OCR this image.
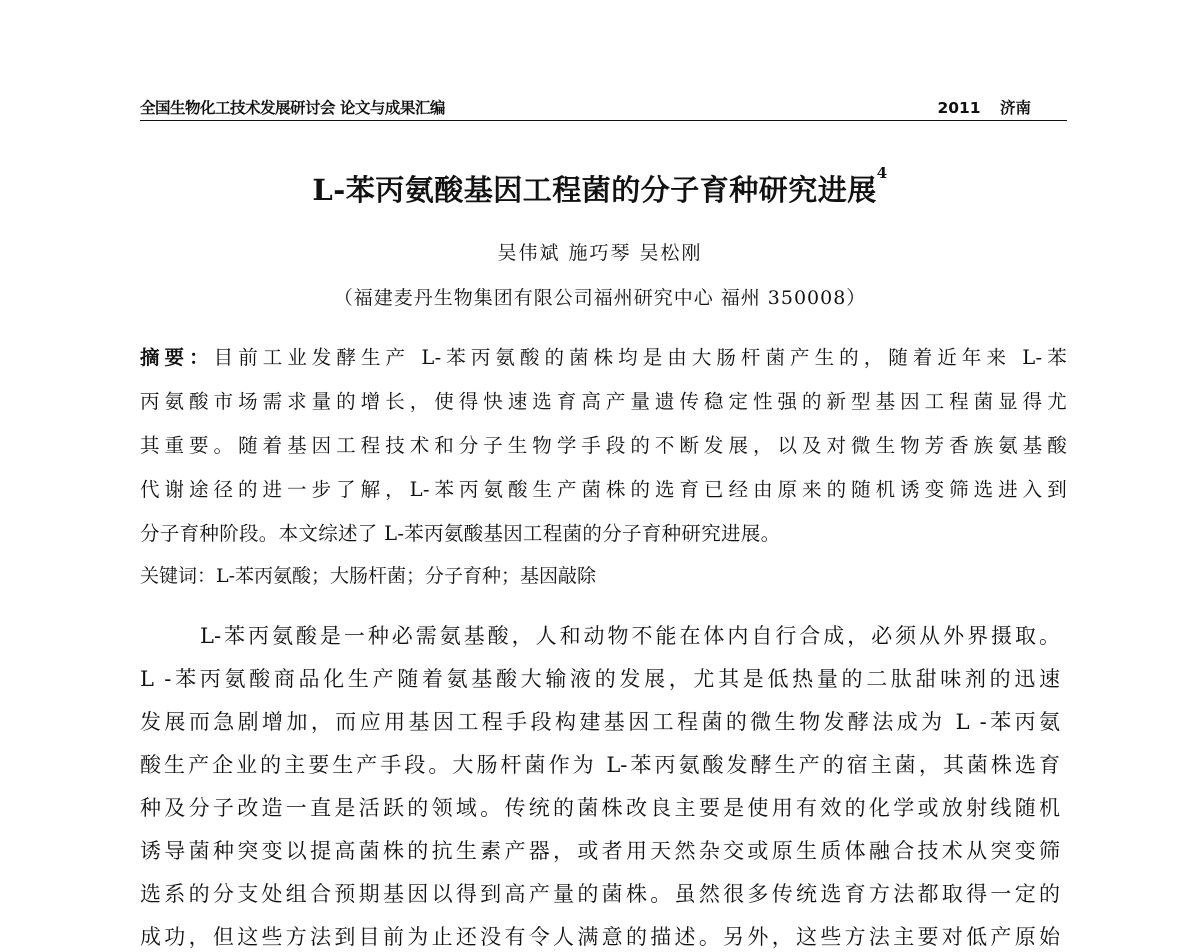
全国生物化工技术发展研讨会 论文与成果汇编	2011 济南
L-苯丙氨酸基因工程菌的分子育种研究进展$^4$
吴伟斌 施巧琴 吴松刚
（福建麦丹生物集团有限公司福州研究中心 福州 350008）
摘要：目前工业发酵生产 L-苯丙氨酸的菌株均是由大肠杆菌产生的，随着近年来 L-苯
丙氨酸市场需求量的增长，使得快速选育高产量遗传稳定性强的新型基因工程菌显得尤
其重要。随着基因工程技术和分子生物学手段的不断发展，以及对微生物芳香族氨基酸
代谢途径的进一步了解，L-苯丙氨酸生产菌株的选育已经由原来的随机诱变筛选进入到
分子育种阶段。本文综述了 L-苯丙氨酸基因工程菌的分子育种研究进展。
关键词：L-苯丙氨酸；大肠杆菌；分子育种；基因敲除
L-苯丙氨酸是一种必需氨基酸，人和动物不能在体内自行合成，必须从外界摄取。
L -苯丙氨酸商品化生产随着氨基酸大输液的发展，尤其是低热量的二肽甜味剂的迅速
发展而急剧增加，而应用基因工程手段构建基因工程菌的微生物发酵法成为 L -苯丙氨
酸生产企业的主要生产手段。大肠杆菌作为 L-苯丙氨酸发酵生产的宿主菌，其菌株选育
种及分子改造一直是活跃的领域。传统的菌株改良主要是使用有效的化学或放射线随机
诱导菌种突变以提高菌株的抗生素产器，或者用天然杂交或原生质体融合技术从突变筛
选系的分支处组合预期基因以得到高产量的菌株。虽然很多传统选育方法都取得一定的
成功，但这些方法到目前为止还没有令人满意的描述。另外，这些方法主要对低产原始
